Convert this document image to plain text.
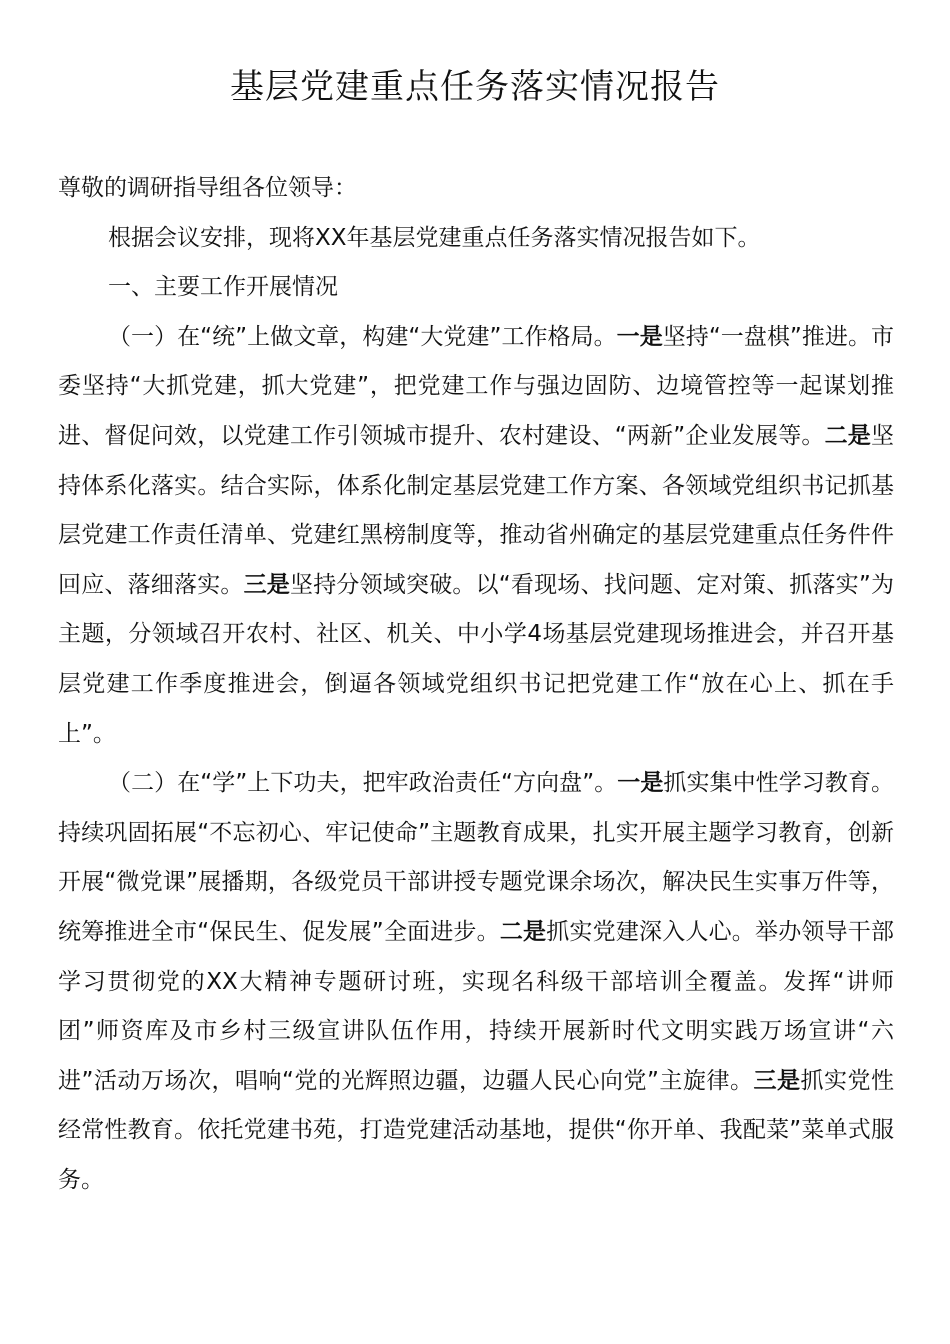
基层党建重点任务落实情况报告

尊敬的调研指导组各位领导：

根据会议安排，现将XX年基层党建重点任务落实情况报告如下。

一、主要工作开展情况

（一）在“统”上做文章，构建“大党建”工作格局。一是坚持“一盘棋”推进。市委坚持“大抓党建，抓大党建”，把党建工作与强边固防、边境管控等一起谋划推进、督促问效，以党建工作引领城市提升、农村建设、“两新”企业发展等。二是坚持体系化落实。结合实际，体系化制定基层党建工作方案、各领域党组织书记抓基层党建工作责任清单、党建红黑榜制度等，推动省州确定的基层党建重点任务件件回应、落细落实。三是坚持分领域突破。以“看现场、找问题、定对策、抓落实”为主题，分领域召开农村、社区、机关、中小学4场基层党建现场推进会，并召开基层党建工作季度推进会，倒逼各领域党组织书记把党建工作“放在心上、抓在手上”。

（二）在“学”上下功夫，把牢政治责任“方向盘”。一是抓实集中性学习教育。持续巩固拓展“不忘初心、牢记使命”主题教育成果，扎实开展主题学习教育，创新开展“微党课”展播期，各级党员干部讲授专题党课余场次，解决民生实事万件等，统筹推进全市“保民生、促发展”全面进步。二是抓实党建深入人心。举办领导干部学习贯彻党的XX大精神专题研讨班，实现名科级干部培训全覆盖。发挥“讲师团”师资库及市乡村三级宣讲队伍作用，持续开展新时代文明实践万场宣讲“六进”活动万场次，唱响“党的光辉照边疆，边疆人民心向党”主旋律。三是抓实党性经常性教育。依托党建书苑，打造党建活动基地，提供“你开单、我配菜”菜单式服务。
